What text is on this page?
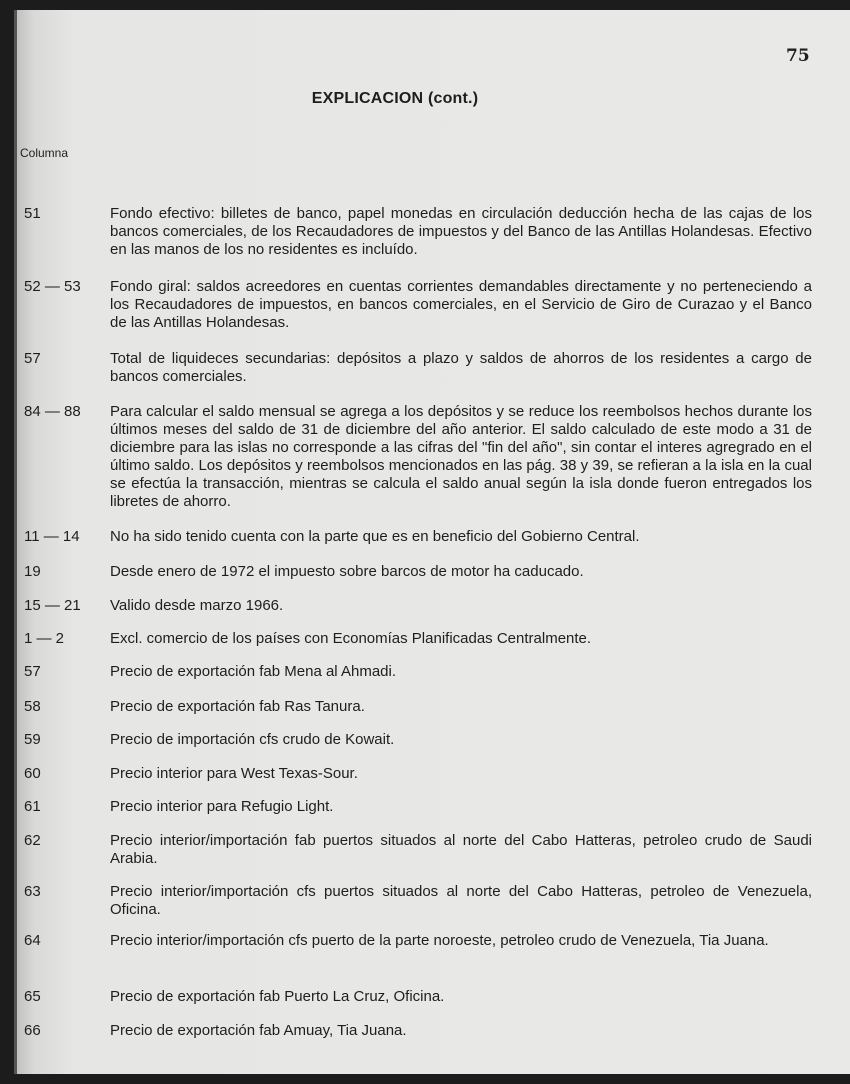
75
EXPLICACION (cont.)
Columna
51	Fondo efectivo: billetes de banco, papel monedas en circulación deducción hecha de las cajas de los bancos comerciales, de los Recaudadores de impuestos y del Banco de las Antillas Holandesas. Efectivo en las manos de los no residentes es incluído.
52 — 53	Fondo giral: saldos acreedores en cuentas corrientes demandables directamente y no perteneciendo a los Recaudadores de impuestos, en bancos comerciales, en el Servicio de Giro de Curazao y el Banco de las Antillas Holandesas.
57	Total de liquideces secundarias: depósitos a plazo y saldos de ahorros de los residentes a cargo de bancos comerciales.
84 — 88	Para calcular el saldo mensual se agrega a los depósitos y se reduce los reembolsos hechos durante los últimos meses del saldo de 31 de diciembre del año anterior. El saldo calculado de este modo a 31 de diciembre para las islas no corresponde a las cifras del "fin del año", sin contar el interes agregrado en el último saldo. Los depósitos y reembolsos mencionados en las pág. 38 y 39, se refieran a la isla en la cual se efectúa la transacción, mientras se calcula el saldo anual según la isla donde fueron entregados los libretes de ahorro.
11 — 14	No ha sido tenido cuenta con la parte que es en beneficio del Gobierno Central.
19	Desde enero de 1972 el impuesto sobre barcos de motor ha caducado.
15 — 21	Valido desde marzo 1966.
1 — 2	Excl. comercio de los países con Economías Planificadas Centralmente.
57	Precio de exportación fab Mena al Ahmadi.
58	Precio de exportación fab Ras Tanura.
59	Precio de importación cfs crudo de Kowait.
60	Precio interior para West Texas-Sour.
61	Precio interior para Refugio Light.
62	Precio interior/importación fab puertos situados al norte del Cabo Hatteras, petroleo crudo de Saudi Arabia.
63	Precio interior/importación cfs puertos situados al norte del Cabo Hatteras, petroleo de Venezuela, Oficina.
64	Precio interior/importación cfs puerto de la parte noroeste, petroleo crudo de Venezuela, Tia Juana.
65	Precio de exportación fab Puerto La Cruz, Oficina.
66	Precio de exportación fab Amuay, Tia Juana.
